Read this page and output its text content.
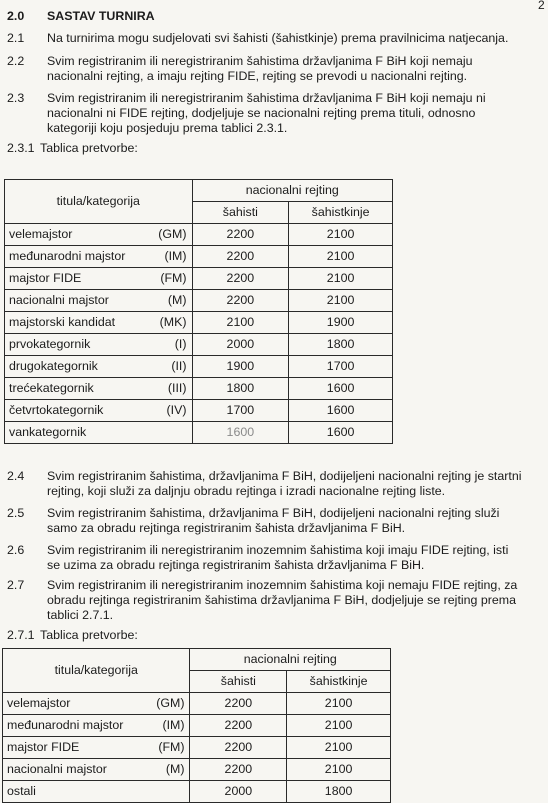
2
2.0 SASTAV TURNIRA
2.1 Na turnirima mogu sudjelovati svi šahisti (šahistkinje) prema pravilnicima natjecanja.
2.2 Svim registriranim ili neregistriranim šahistima državljanima F BiH koji nemaju
nacionalni rejting, a imaju rejting FIDE, rejting se prevodi u nacionalni rejting.
2.3 Svim registriranim ili neregistriranim šahistima državljanima F BiH koji nemaju ni
nacionalni ni FIDE rejting, dodjeljuje se nacionalni rejting prema tituli, odnosno
kategoriji koju posjeduju prema tablici 2.3.1.
2.3.1 Tablica pretvorbe:
titula/kategorija	nacionalni rejting	
	šahisti	šahistkinje
velemajstor (GM)	2200	2100
međunarodni majstor (IM)	2200	2100
majstor FIDE (FM)	2200	2100
nacionalni majstor (M)	2200	2100
majstorski kandidat (MK)	2100	1900
prvokategornik (I)	2000	1800
drugokategornik (II)	1900	1700
trećekategornik (III)	1800	1600
četvrtokategornik (IV)	1700	1600
vankategornik	1600	1600
2.4 Svim registriranim šahistima, državljanima F BiH, dodijeljeni nacionalni rejting je startni
rejting, koji služi za daljnju obradu rejtinga i izradi nacionalne rejting liste.
2.5 Svim registriranim šahistima, državljanima F BiH, dodijeljeni nacionalni rejting služi
samo za obradu rejtinga registriranim šahista državljanima F BiH.
2.6 Svim registriranim ili neregistriranim inozemnim šahistima koji imaju FIDE rejting, isti
se uzima za obradu rejtinga registriranim šahista državljanima F BiH.
2.7 Svim registriranim ili neregistriranim inozemnim šahistima koji nemaju FIDE rejting, za
obradu rejtinga registriranim šahistima državljanima F BiH, dodjeljuje se rejting prema
tablici 2.7.1.
2.7.1 Tablica pretvorbe:
titula/kategorija	nacionalni rejting	
	šahisti	šahistkinje
velemajstor (GM)	2200	2100
međunarodni majstor (IM)	2200	2100
majstor FIDE (FM)	2200	2100
nacionalni majstor (M)	2200	2100
ostali	2000	1800
